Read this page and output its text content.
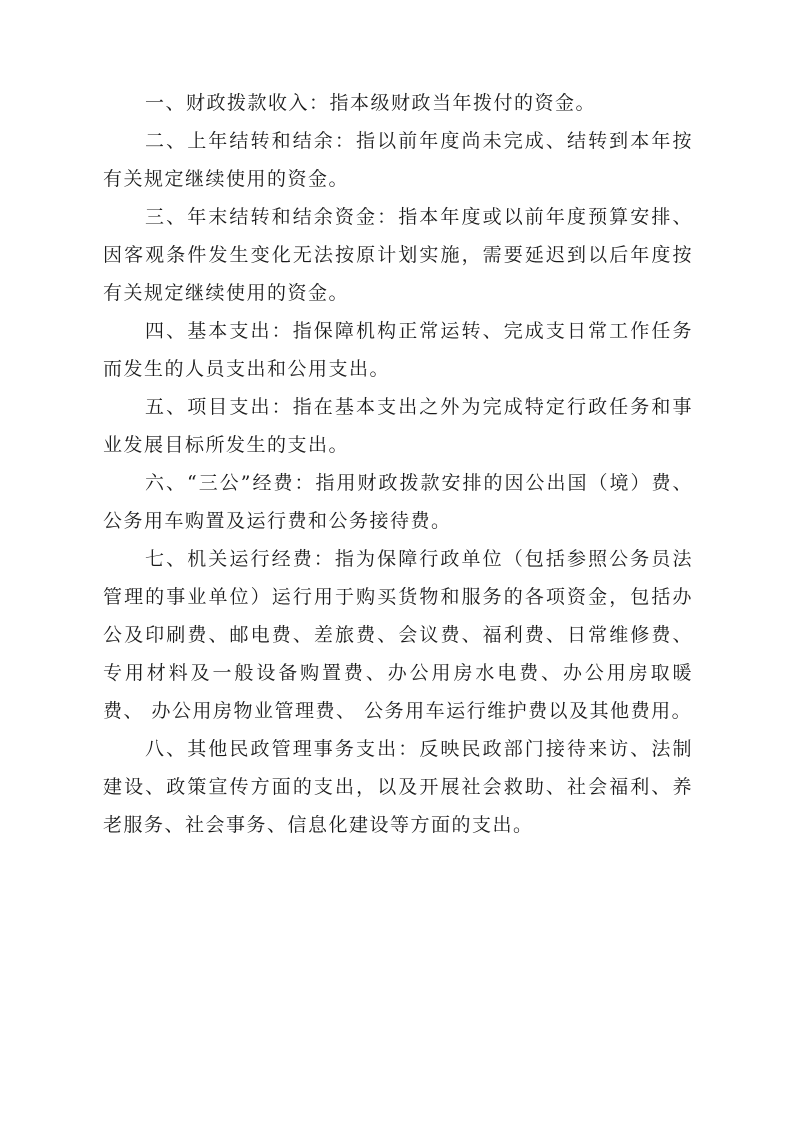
一、财政拨款收入：指本级财政当年拨付的资金。

二、上年结转和结余：指以前年度尚未完成、结转到本年按有关规定继续使用的资金。

三、年末结转和结余资金：指本年度或以前年度预算安排、因客观条件发生变化无法按原计划实施，需要延迟到以后年度按有关规定继续使用的资金。

四、基本支出：指保障机构正常运转、完成支日常工作任务而发生的人员支出和公用支出。

五、项目支出：指在基本支出之外为完成特定行政任务和事业发展目标所发生的支出。

六、“三公”经费：指用财政拨款安排的因公出国（境）费、公务用车购置及运行费和公务接待费。

七、机关运行经费：指为保障行政单位（包括参照公务员法管理的事业单位）运行用于购买货物和服务的各项资金，包括办公及印刷费、邮电费、差旅费、会议费、福利费、日常维修费、专用材料及一般设备购置费、办公用房水电费、办公用房取暖费、 办公用房物业管理费、 公务用车运行维护费以及其他费用。

八、其他民政管理事务支出：反映民政部门接待来访、法制建设、政策宣传方面的支出，以及开展社会救助、社会福利、养老服务、社会事务、信息化建设等方面的支出。
